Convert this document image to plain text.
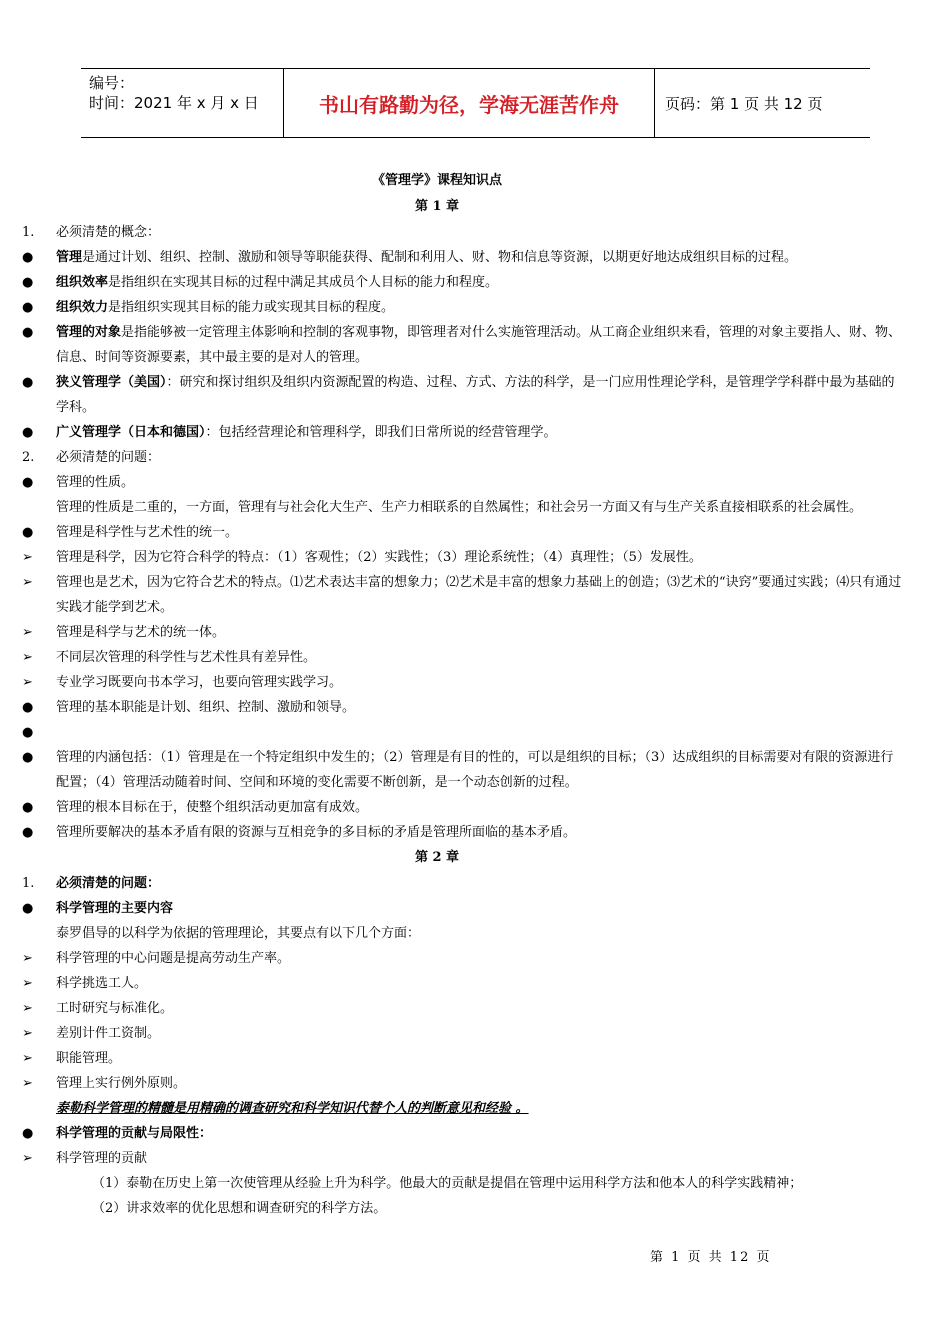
编号：
时间：2021 年 x 月 x 日	书山有路勤为径，学海无涯苦作舟	页码：第 1 页 共 12 页
《管理学》课程知识点
第 1 章
1.	必须清楚的概念：
●	管理是通过计划、组织、控制、激励和领导等职能获得、配制和利用人、财、物和信息等资源，以期更好地达成组织目标的过程。
●	组织效率是指组织在实现其目标的过程中满足其成员个人目标的能力和程度。
●	组织效力是指组织实现其目标的能力或实现其目标的程度。
●	管理的对象是指能够被一定管理主体影响和控制的客观事物，即管理者对什么实施管理活动。从工商企业组织来看，管理的对象主要指人、财、物、信息、时间等资源要素，其中最主要的是对人的管理。
●	狭义管理学（美国）：研究和探讨组织及组织内资源配置的构造、过程、方式、方法的科学，是一门应用性理论学科，是管理学学科群中最为基础的学科。
●	广义管理学（日本和德国）：包括经营理论和管理科学，即我们日常所说的经营管理学。
2.	必须清楚的问题：
●	管理的性质。
管理的性质是二重的，一方面，管理有与社会化大生产、生产力相联系的自然属性；和社会另一方面又有与生产关系直接相联系的社会属性。
●	管理是科学性与艺术性的统一。
➢	管理是科学，因为它符合科学的特点：（1）客观性；（2）实践性；（3）理论系统性；（4）真理性；（5）发展性。
➢	管理也是艺术，因为它符合艺术的特点。⑴艺术表达丰富的想象力；⑵艺术是丰富的想象力基础上的创造；⑶艺术的“诀窍”要通过实践；⑷只有通过实践才能学到艺术。
➢	管理是科学与艺术的统一体。
➢	不同层次管理的科学性与艺术性具有差异性。
➢	专业学习既要向书本学习，也要向管理实践学习。
●	管理的基本职能是计划、组织、控制、激励和领导。
●
●	管理的内涵包括：（1）管理是在一个特定组织中发生的；（2）管理是有目的性的，可以是组织的目标；（3）达成组织的目标需要对有限的资源进行配置；（4）管理活动随着时间、空间和环境的变化需要不断创新，是一个动态创新的过程。
●	管理的根本目标在于，使整个组织活动更加富有成效。
●	管理所要解决的基本矛盾有限的资源与互相竞争的多目标的矛盾是管理所面临的基本矛盾。
第 2 章
1.	必须清楚的问题：
●	科学管理的主要内容
泰罗倡导的以科学为依据的管理理论，其要点有以下几个方面：
➢	科学管理的中心问题是提高劳动生产率。
➢	科学挑选工人。
➢	工时研究与标准化。
➢	差别计件工资制。
➢	职能管理。
➢	管理上实行例外原则。
泰勒科学管理的精髓是用精确的调查研究和科学知识代替个人的判断意见和经验 。
●	科学管理的贡献与局限性：
➢	科学管理的贡献
（1）泰勒在历史上第一次使管理从经验上升为科学。他最大的贡献是提倡在管理中运用科学方法和他本人的科学实践精神；
（2）讲求效率的优化思想和调查研究的科学方法。
第 1 页 共 12 页
